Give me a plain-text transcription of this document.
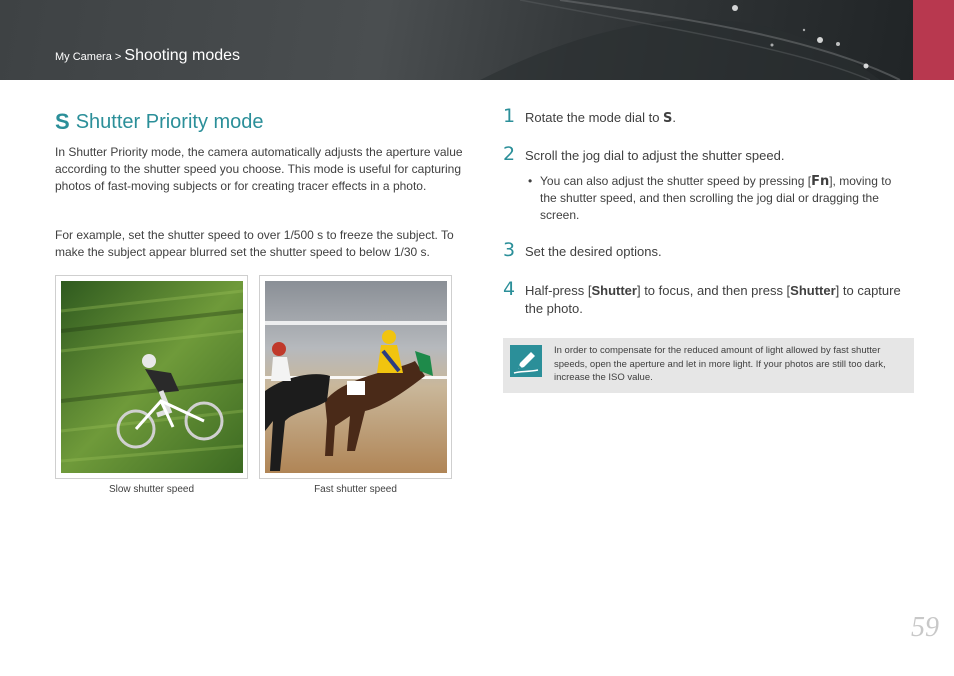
My Camera > Shooting modes
S Shutter Priority mode

In Shutter Priority mode, the camera automatically adjusts the aperture value according to the shutter speed you choose. This mode is useful for capturing photos of fast-moving subjects or for creating tracer effects in a photo.

For example, set the shutter speed to over 1/500 s to freeze the subject. To make the subject appear blurred set the shutter speed to below 1/30 s.

Slow shutter speed	Fast shutter speed
1 Rotate the mode dial to S.
2 Scroll the jog dial to adjust the shutter speed.
• You can also adjust the shutter speed by pressing [Fn], moving to the shutter speed, and then scrolling the jog dial or dragging the screen.
3 Set the desired options.
4 Half-press [Shutter] to focus, and then press [Shutter] to capture the photo.
In order to compensate for the reduced amount of light allowed by fast shutter speeds, open the aperture and let in more light. If your photos are still too dark, increase the ISO value.
59
